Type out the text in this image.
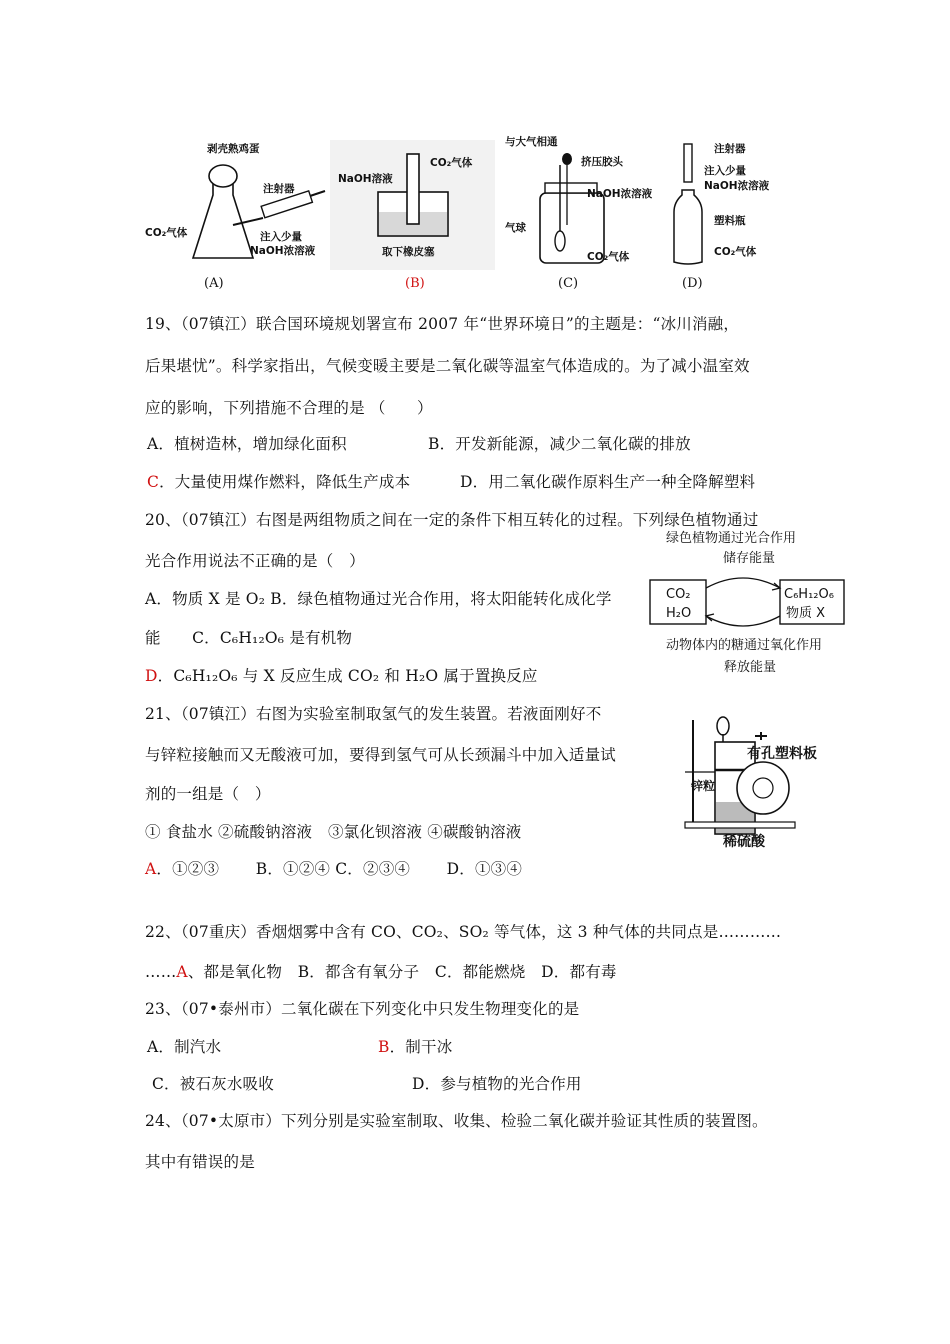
剥壳熟鸡蛋
注射器
CO₂气体	注入少量
NaOH浓溶液
(A)
NaOH溶液
CO₂气体
取下橡皮塞
(B)
与大气相通
挤压胶头
NaOH浓溶液
气球
CO₂气体
(C)
注射器
注入少量
NaOH浓溶液
塑料瓶
CO₂气体
(D)
19、（07镇江）联合国环境规划署宣布 2007 年“世界环境日”的主题是：“冰川消融，
后果堪忧”。科学家指出，气候变暖主要是二氧化碳等温室气体造成的。为了减小温室效
应的影响，下列措施不合理的是 （　　）
A．植树造林，增加绿化面积	B．开发新能源，减少二氧化碳的排放
C．大量使用煤作燃料，降低生产成本	D．用二氧化碳作原料生产一种全降解塑料
20、（07镇江）右图是两组物质之间在一定的条件下相互转化的过程。下列绿色植物通过
光合作用说法不正确的是（　）
A．物质 X 是 O₂ B．绿色植物通过光合作用，将太阳能转化成化学
能　　C．C₆H₁₂O₆ 是有机物
D．C₆H₁₂O₆ 与 X 反应生成 CO₂ 和 H₂O 属于置换反应
绿色植物通过光合作用
储存能量
CO₂
H₂O
C₆H₁₂O₆
物质 X
动物体内的糖通过氧化作用
释放能量
21、（07镇江）右图为实验室制取氢气的发生装置。若液面刚好不
与锌粒接触而又无酸液可加，要得到氢气可从长颈漏斗中加入适量试
剂的一组是（　）
① 食盐水 ②硫酸钠溶液　③氯化钡溶液 ④碳酸钠溶液
A．①②③　　 B．①②④ C．②③④　　 D．①③④
有孔塑料板
锌粒
稀硫酸
22、（07重庆）香烟烟雾中含有 CO、CO₂、SO₂ 等气体，这 3 种气体的共同点是…………
……A、都是氧化物　B．都含有氧分子　C．都能燃烧　D．都有毒
23、（07•泰州市）二氧化碳在下列变化中只发生物理变化的是
A．制汽水	B．制干冰
C．被石灰水吸收	D．参与植物的光合作用
24、（07•太原市）下列分别是实验室制取、收集、检验二氧化碳并验证其性质的装置图。
其中有错误的是
